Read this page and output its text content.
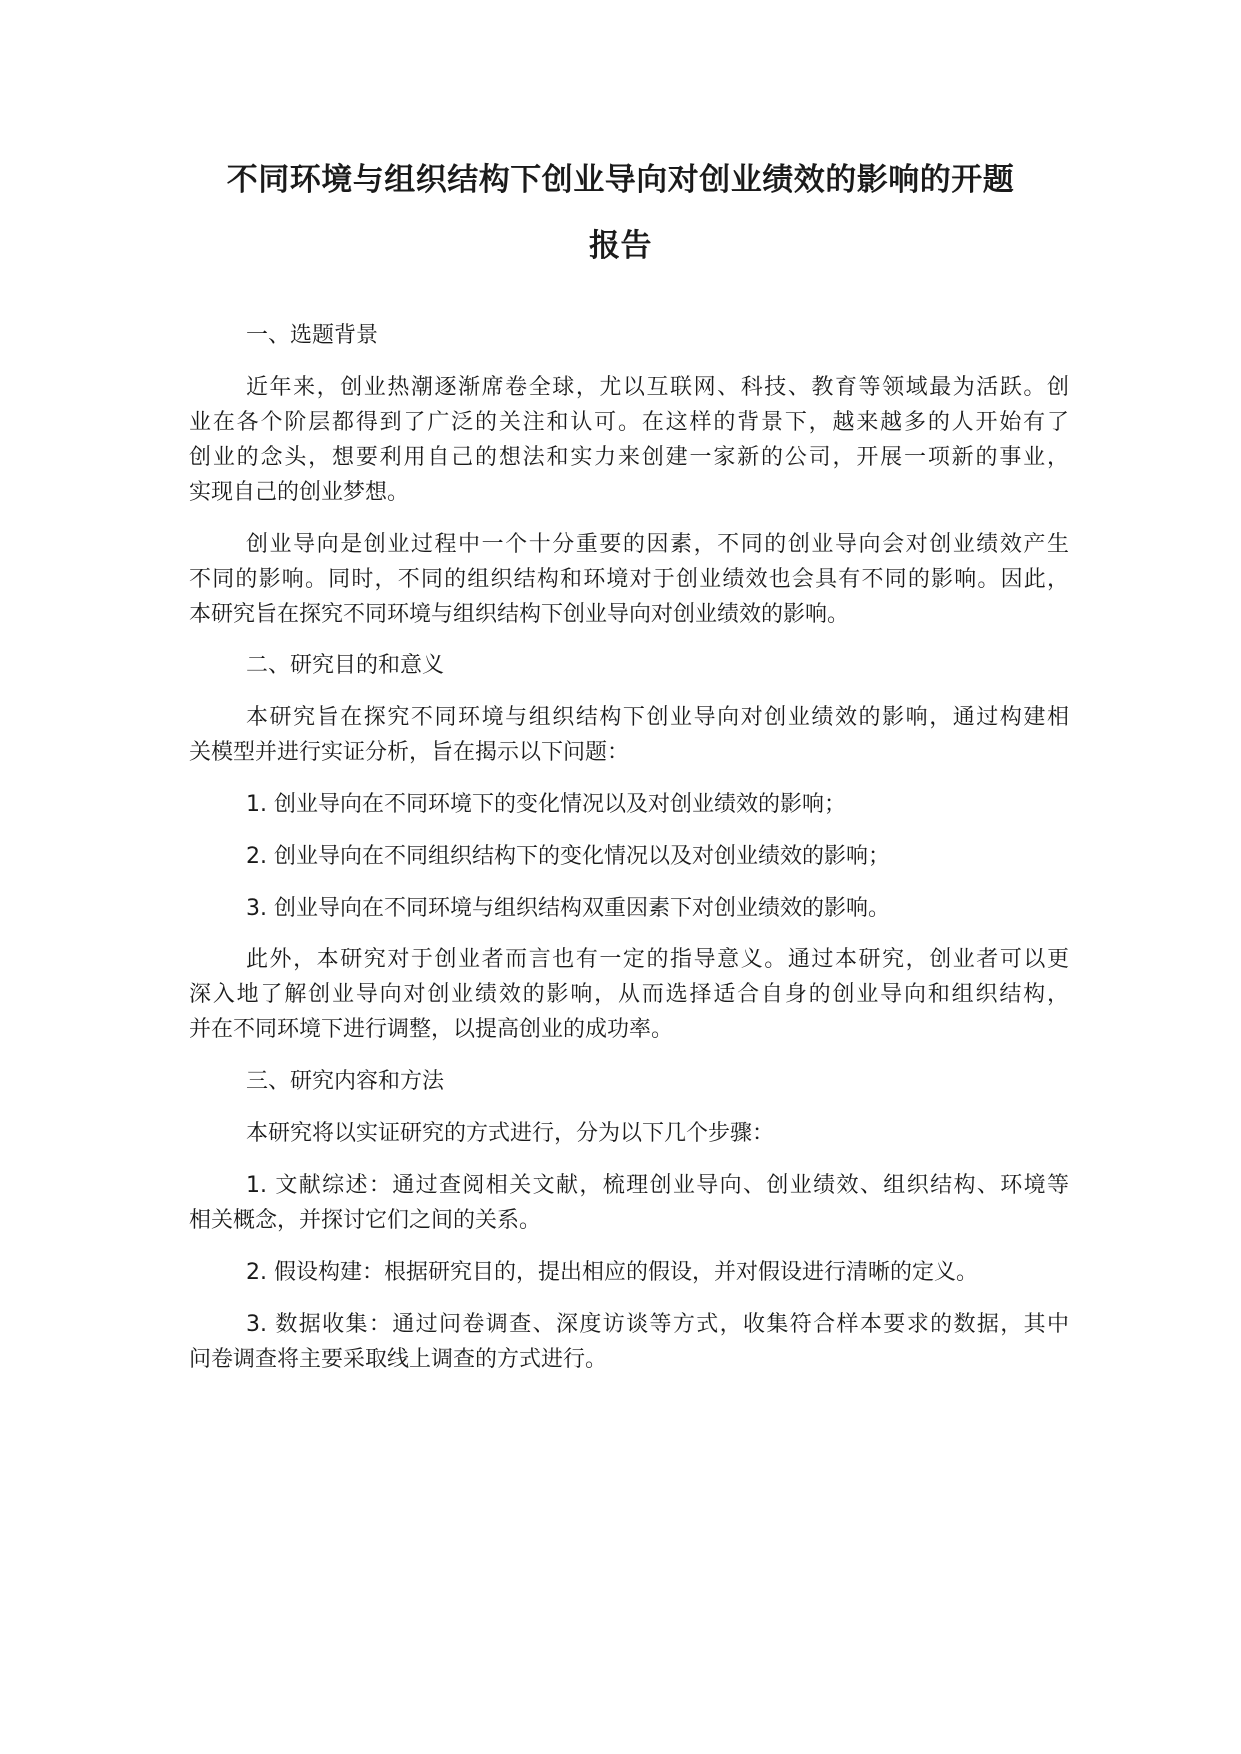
不同环境与组织结构下创业导向对创业绩效的影响的开题
报告
一、选题背景
近年来，创业热潮逐渐席卷全球，尤以互联网、科技、教育等领域最为活跃。创
业在各个阶层都得到了广泛的关注和认可。在这样的背景下，越来越多的人开始有了
创业的念头，想要利用自己的想法和实力来创建一家新的公司，开展一项新的事业，
实现自己的创业梦想。
创业导向是创业过程中一个十分重要的因素，不同的创业导向会对创业绩效产生
不同的影响。同时，不同的组织结构和环境对于创业绩效也会具有不同的影响。因此，
本研究旨在探究不同环境与组织结构下创业导向对创业绩效的影响。
二、研究目的和意义
本研究旨在探究不同环境与组织结构下创业导向对创业绩效的影响，通过构建相
关模型并进行实证分析，旨在揭示以下问题：
1. 创业导向在不同环境下的变化情况以及对创业绩效的影响；
2. 创业导向在不同组织结构下的变化情况以及对创业绩效的影响；
3. 创业导向在不同环境与组织结构双重因素下对创业绩效的影响。
此外，本研究对于创业者而言也有一定的指导意义。通过本研究，创业者可以更
深入地了解创业导向对创业绩效的影响，从而选择适合自身的创业导向和组织结构，
并在不同环境下进行调整，以提高创业的成功率。
三、研究内容和方法
本研究将以实证研究的方式进行，分为以下几个步骤：
1. 文献综述：通过查阅相关文献，梳理创业导向、创业绩效、组织结构、环境等
相关概念，并探讨它们之间的关系。
2. 假设构建：根据研究目的，提出相应的假设，并对假设进行清晰的定义。
3. 数据收集：通过问卷调查、深度访谈等方式，收集符合样本要求的数据，其中
问卷调查将主要采取线上调查的方式进行。
